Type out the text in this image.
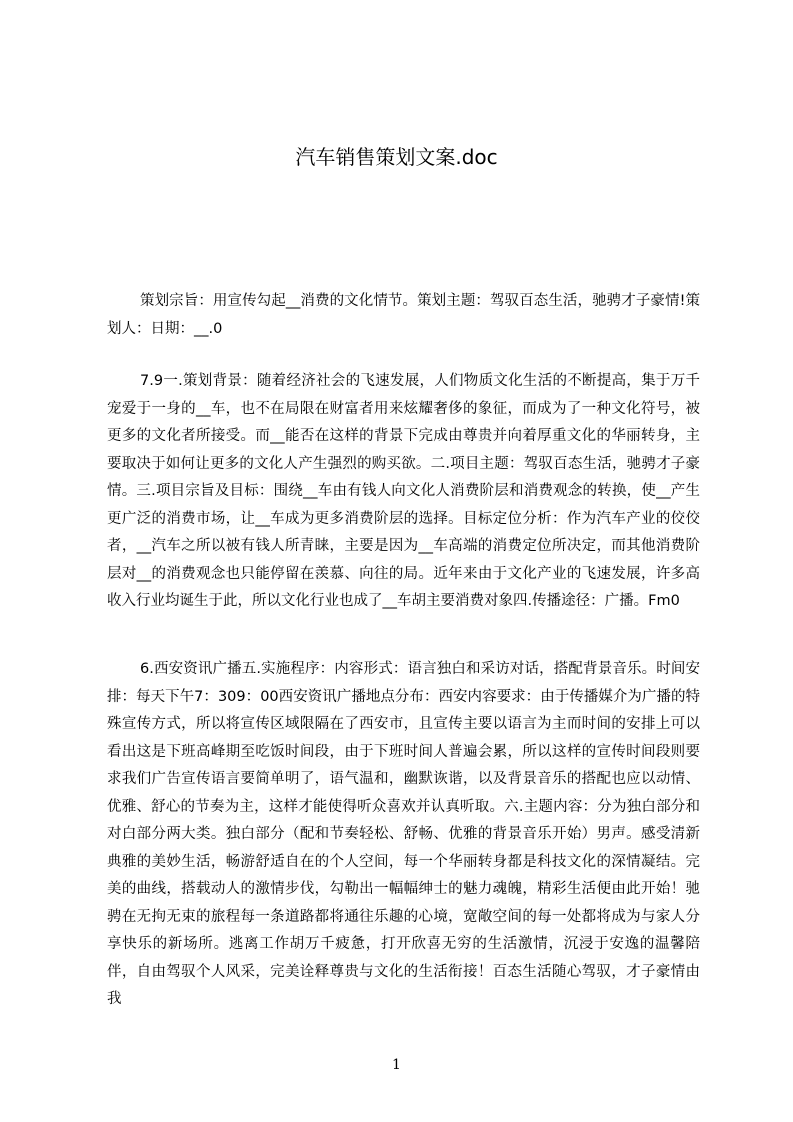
汽车销售策划文案.doc

策划宗旨：用宣传勾起__消费的文化情节。策划主题：驾驭百态生活，驰骋才子豪情!策划人：日期：__.0

7.9一.策划背景：随着经济社会的飞速发展，人们物质文化生活的不断提高，集于万千宠爱于一身的__车，也不在局限在财富者用来炫耀奢侈的象征，而成为了一种文化符号，被更多的文化者所接受。而__能否在这样的背景下完成由尊贵并向着厚重文化的华丽转身，主要取决于如何让更多的文化人产生强烈的购买欲。二.项目主题：驾驭百态生活，驰骋才子豪情。三.项目宗旨及目标：围绕__车由有钱人向文化人消费阶层和消费观念的转换，使__产生更广泛的消费市场，让__车成为更多消费阶层的选择。目标定位分析：作为汽车产业的佼佼者，__汽车之所以被有钱人所青睐，主要是因为__车高端的消费定位所决定，而其他消费阶层对__的消费观念也只能停留在羡慕、向往的局。近年来由于文化产业的飞速发展，许多高收入行业均诞生于此，所以文化行业也成了__车胡主要消费对象四.传播途径：广播。Fm0

6.西安资讯广播五.实施程序：内容形式：语言独白和采访对话，搭配背景音乐。时间安排：每天下午7：309：00西安资讯广播地点分布：西安内容要求：由于传播媒介为广播的特殊宣传方式，所以将宣传区域限隔在了西安市，且宣传主要以语言为主而时间的安排上可以看出这是下班高峰期至吃饭时间段，由于下班时间人普遍会累，所以这样的宣传时间段则要求我们广告宣传语言要简单明了，语气温和，幽默诙谐，以及背景音乐的搭配也应以动情、优雅、舒心的节奏为主，这样才能使得听众喜欢并认真听取。六.主题内容：分为独白部分和对白部分两大类。独白部分（配和节奏轻松、舒畅、优雅的背景音乐开始）男声。感受清新典雅的美妙生活，畅游舒适自在的个人空间，每一个华丽转身都是科技文化的深情凝结。完美的曲线，搭载动人的激情步伐，勾勒出一幅幅绅士的魅力魂魄，精彩生活便由此开始！驰骋在无拘无束的旅程每一条道路都将通往乐趣的心境，宽敞空间的每一处都将成为与家人分享快乐的新场所。逃离工作胡万千疲惫，打开欣喜无穷的生活激情，沉浸于安逸的温馨陪伴，自由驾驭个人风采，完美诠释尊贵与文化的生活衔接！百态生活随心驾驭，才子豪情由我

1
